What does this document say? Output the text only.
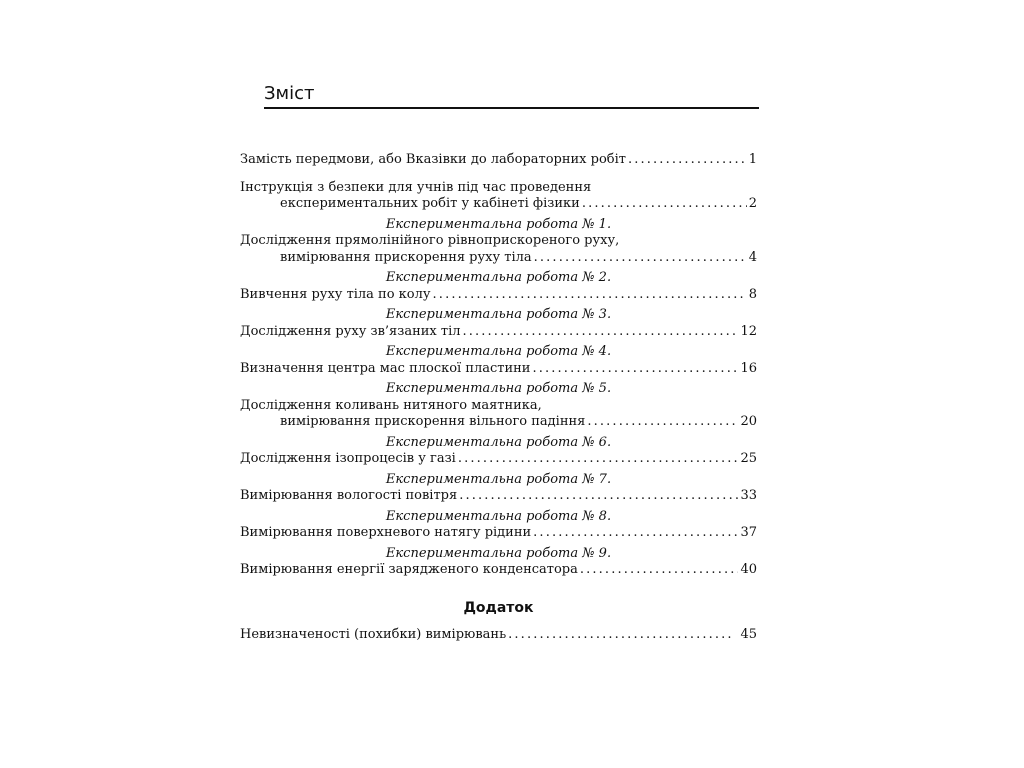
Зміст
Замість передмови, або Вказівки до лабораторних робіт . . .	1
Інструкція з безпеки для учнів під час проведення
експериментальних робіт у кабінеті фізики . . .	2
Експериментальна робота № 1.
Дослідження прямолінійного рівноприскореного руху,
вимірювання прискорення руху тіла . . .	4
Експериментальна робота № 2.
Вивчення руху тіла по колу . . .	8
Експериментальна робота № 3.
Дослідження руху зв’язаних тіл . . .	12
Експериментальна робота № 4.
Визначення центра мас плоскої пластини . . .	16
Експериментальна робота № 5.
Дослідження коливань нитяного маятника,
вимірювання прискорення вільного падіння . . .	20
Експериментальна робота № 6.
Дослідження ізопроцесів у газі . . .	25
Експериментальна робота № 7.
Вимірювання вологості повітря . . .	33
Експериментальна робота № 8.
Вимірювання поверхневого натягу рідини . . .	37
Експериментальна робота № 9.
Вимірювання енергії зарядженого конденсатора . . .	40
Додаток
Невизначеності (похибки) вимірювань . . .	45
